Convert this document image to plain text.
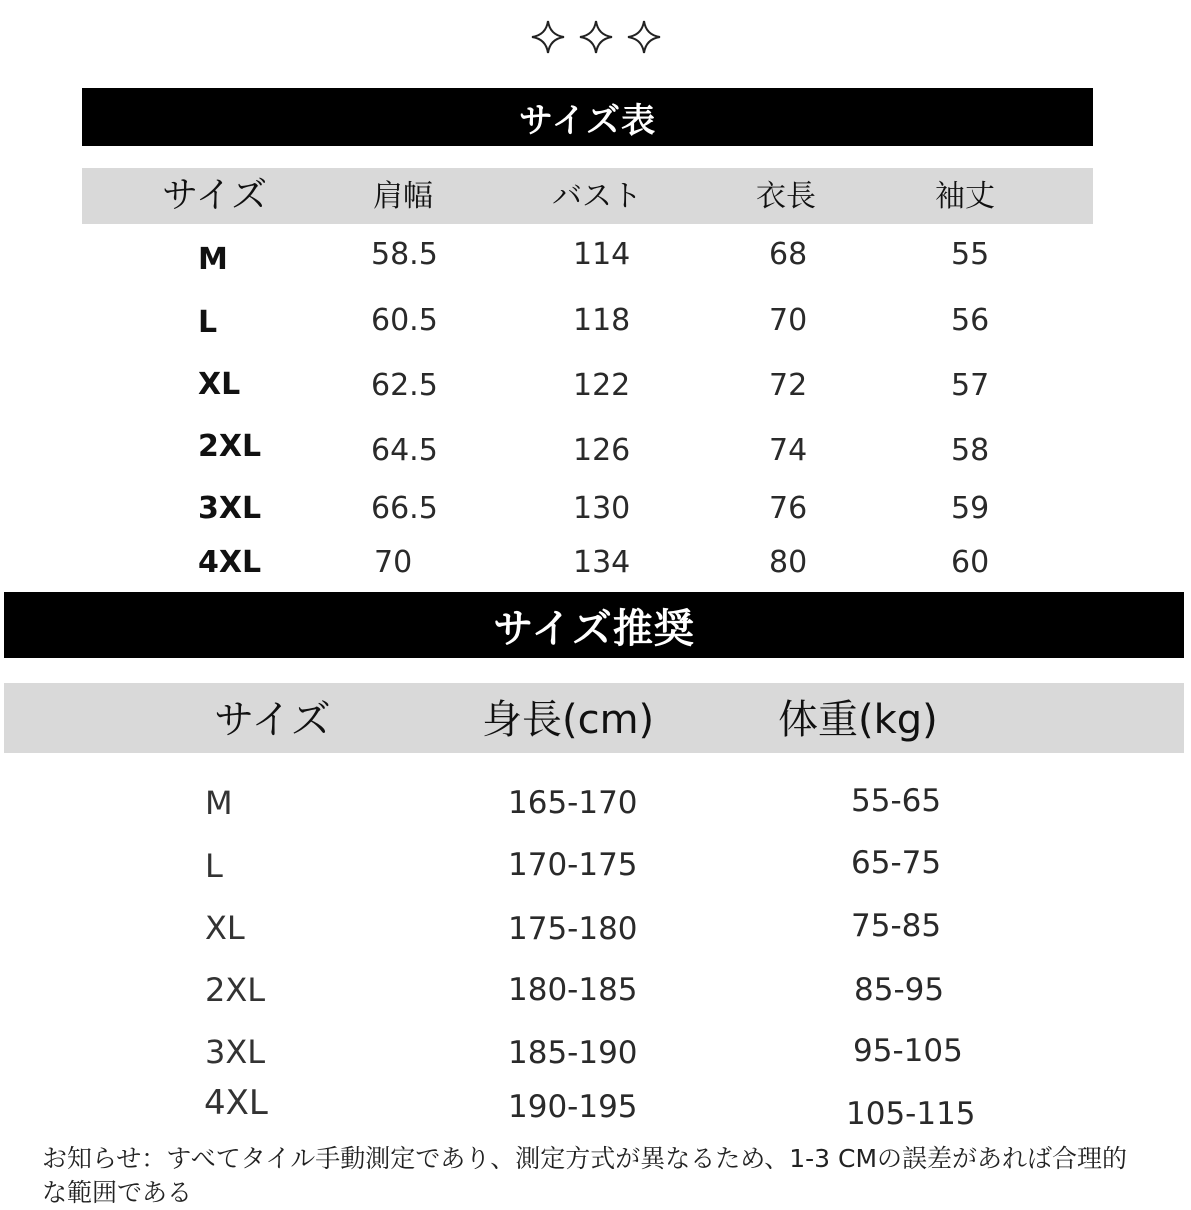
サイズ表
サイズ	肩幅	バスト	衣長	袖丈
M	58.5	114	68	55
L	60.5	118	70	56
XL	62.5	122	72	57
2XL	64.5	126	74	58
3XL	66.5	130	76	59
4XL	70	134	80	60
サイズ推奨
サイズ	身長(cm)	体重(kg)
M	165-170	55-65
L	170-175	65-75
XL	175-180	75-85
2XL	180-185	85-95
3XL	185-190	95-105
4XL	190-195	105-115
お知らせ：すべてタイル手動測定であり、測定方式が異なるため、1-3 CMの誤差があれば合理的な範囲である
